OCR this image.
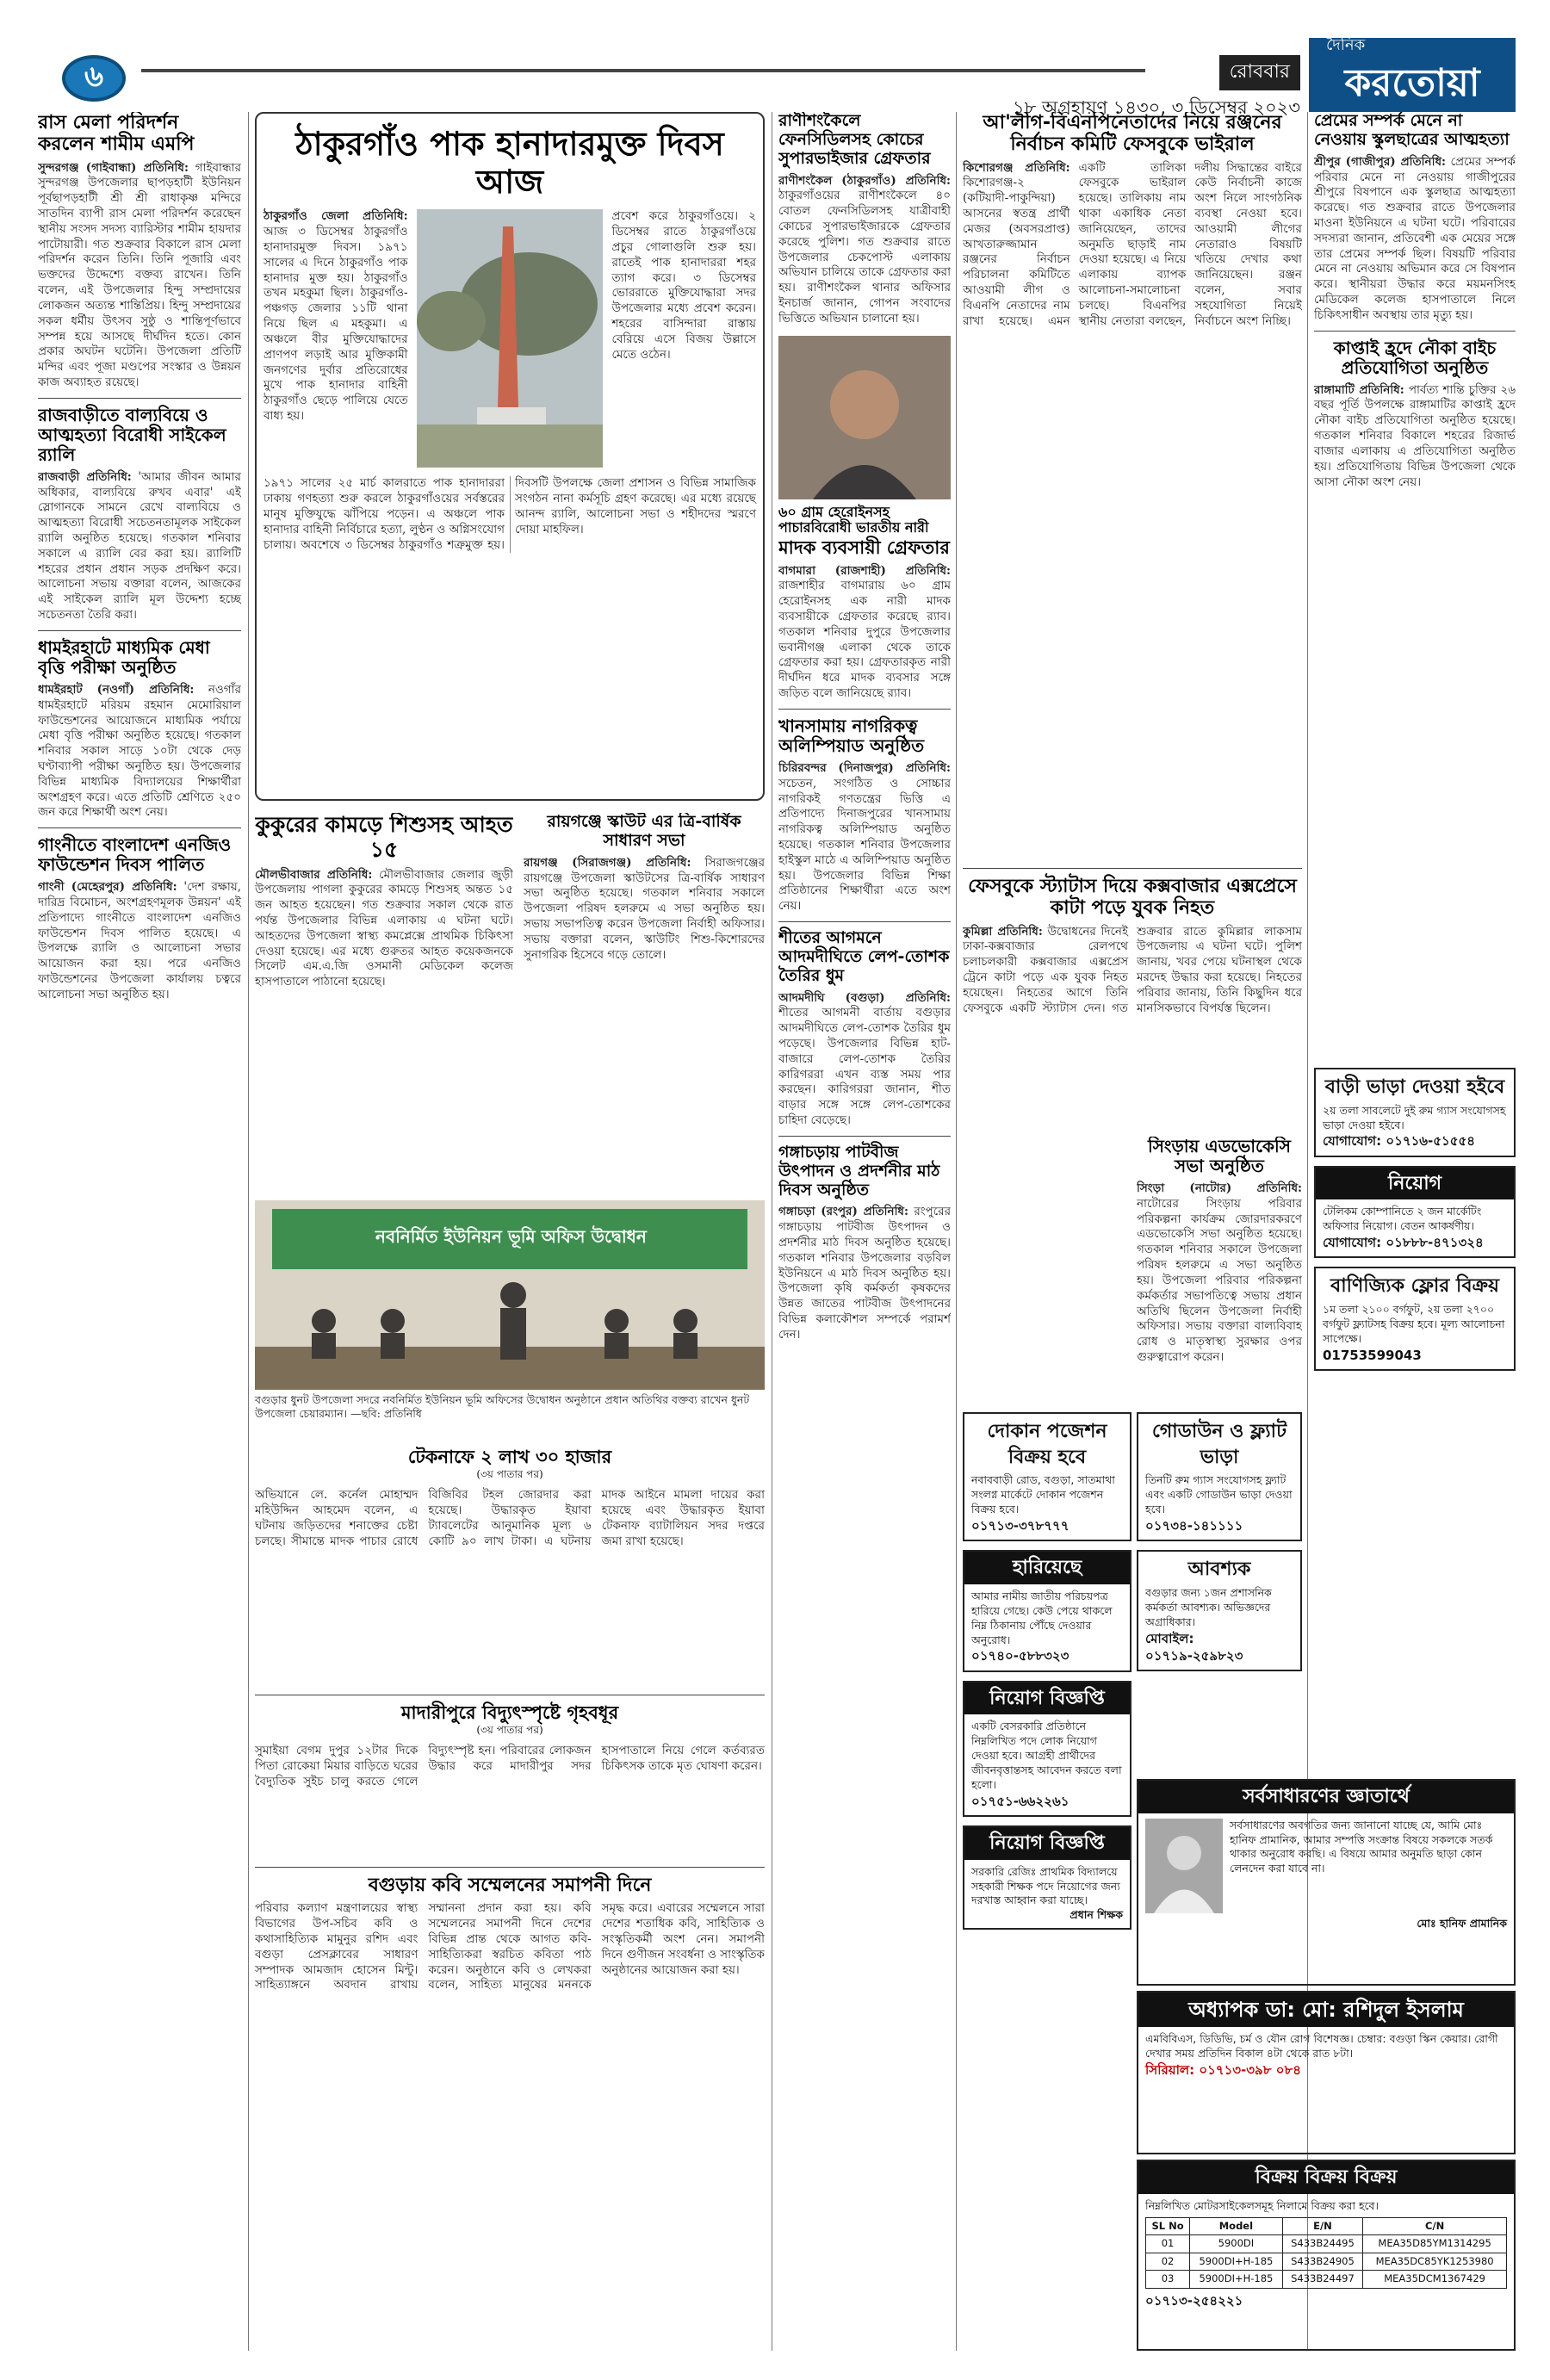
৬	রোববার
১৮ অগ্রহায়ণ ১৪৩০, ৩ ডিসেম্বর ২০২৩
দৈনিক
করতোয়া
রাস মেলা পরিদর্শন করলেন শামীম এমপি
সুন্দরগঞ্জ (গাইবান্ধা) প্রতিনিধি: গাইবান্ধার সুন্দরগঞ্জ উপজেলার ছাপড়হাটী ইউনিয়ন পূর্বছাপড়হাটী শ্রী শ্রী রাধাকৃষ্ণ মন্দিরে সাতদিন ব্যাপী রাস মেলা পরিদর্শন করেছেন স্থানীয় সংসদ সদস্য ব্যারিস্টার শামীম হায়দার পাটোয়ারী। গত শুক্রবার বিকালে রাস মেলা পরিদর্শন করেন তিনি। তিনি পূজারি এবং ভক্তদের উদ্দেশ্যে বক্তব্য রাখেন। তিনি বলেন, এই উপজেলার হিন্দু সম্প্রদায়ের লোকজন অত্যন্ত শান্তিপ্রিয়। হিন্দু সম্প্রদায়ের সকল ধর্মীয় উৎসব সুষ্ঠু ও শান্তিপূর্ণভাবে সম্পন্ন হয়ে আসছে দীর্ঘদিন হতে। কোন প্রকার অঘটন ঘটেনি। উপজেলা প্রতিটি মন্দির এবং পূজা মণ্ডপের সংস্কার ও উন্নয়ন কাজ অব্যাহত রয়েছে।
রাজবাড়ীতে বাল্যবিয়ে ও আত্মহত্যা বিরোধী সাইকেল র‌্যালি
রাজবাড়ী প্রতিনিধি: 'আমার জীবন আমার অধিকার, বাল্যবিয়ে রুখব এবার' এই স্লোগানকে সামনে রেখে বাল্যবিয়ে ও আত্মহত্যা বিরোধী সচেতনতামূলক সাইকেল র‌্যালি অনুষ্ঠিত হয়েছে। গতকাল শনিবার সকালে এ র‌্যালি বের করা হয়। র‌্যালিটি শহরের প্রধান প্রধান সড়ক প্রদক্ষিণ করে। আলোচনা সভায় বক্তারা বলেন, আজকের এই সাইকেল র‌্যালি মূল উদ্দেশ্য হচ্ছে সচেতনতা তৈরি করা।
ধামইরহাটে মাধ্যমিক মেধা বৃত্তি পরীক্ষা অনুষ্ঠিত
ধামইরহাট (নওগাঁ) প্রতিনিধি: নওগাঁর ধামইরহাটে মরিয়ম রহমান মেমোরিয়াল ফাউন্ডেশনের আয়োজনে মাধ্যমিক পর্যায়ে মেধা বৃত্তি পরীক্ষা অনুষ্ঠিত হয়েছে। গতকাল শনিবার সকাল সাড়ে ১০টা থেকে দেড় ঘণ্টাব্যাপী পরীক্ষা অনুষ্ঠিত হয়। উপজেলার বিভিন্ন মাধ্যমিক বিদ্যালয়ের শিক্ষার্থীরা অংশগ্রহণ করে। এতে প্রতিটি শ্রেণিতে ২৫০ জন করে শিক্ষার্থী অংশ নেয়।
গাংনীতে বাংলাদেশ এনজিও ফাউন্ডেশন দিবস পালিত
গাংনী (মেহেরপুর) প্রতিনিধি: 'দেশ রক্ষায়, দারিদ্র বিমোচন, অংশগ্রহণমূলক উন্নয়ন' এই প্রতিপাদ্যে গাংনীতে বাংলাদেশ এনজিও ফাউন্ডেশন দিবস পালিত হয়েছে। এ উপলক্ষে র‌্যালি ও আলোচনা সভার আয়োজন করা হয়। পরে এনজিও ফাউন্ডেশনের উপজেলা কার্যালয় চত্বরে আলোচনা সভা অনুষ্ঠিত হয়।
ঠাকুরগাঁও পাক হানাদারমুক্ত দিবস আজ
ঠাকুরগাঁও জেলা প্রতিনিধি: আজ ৩ ডিসেম্বর ঠাকুরগাঁও হানাদারমুক্ত দিবস। ১৯৭১ সালের এ দিনে ঠাকুরগাঁও পাক হানাদার মুক্ত হয়। ঠাকুরগাঁও তখন মহকুমা ছিল। ঠাকুরগাঁও-পঞ্চগড় জেলার ১১টি থানা নিয়ে ছিল এ মহকুমা। এ অঞ্চলে বীর মুক্তিযোদ্ধাদের প্রাণপণ লড়াই আর মুক্তিকামী জনগণের দুর্বার প্রতিরোধের মুখে পাক হানাদার বাহিনী ঠাকুরগাঁও ছেড়ে পালিয়ে যেতে বাধ্য হয়।
প্রবেশ করে ঠাকুরগাঁওয়ে। ২ ডিসেম্বর রাতে ঠাকুরগাঁওয়ে প্রচুর গোলাগুলি শুরু হয়। রাতেই পাক হানাদাররা শহর ত্যাগ করে। ৩ ডিসেম্বর ভোররাতে মুক্তিযোদ্ধারা সদর উপজেলার মধ্যে প্রবেশ করেন। শহরের বাসিন্দারা রাস্তায় বেরিয়ে এসে বিজয় উল্লাসে মেতে ওঠেন।
১৯৭১ সালের ২৫ মার্চ কালরাতে পাক হানাদাররা ঢাকায় গণহত্যা শুরু করলে ঠাকুরগাঁওয়ের সর্বস্তরের মানুষ মুক্তিযুদ্ধে ঝাঁপিয়ে পড়েন। এ অঞ্চলে পাক হানাদার বাহিনী নির্বিচারে হত্যা, লুণ্ঠন ও অগ্নিসংযোগ চালায়। অবশেষে ৩ ডিসেম্বর ঠাকুরগাঁও শত্রুমুক্ত হয়। দিবসটি উপলক্ষে জেলা প্রশাসন ও বিভিন্ন সামাজিক সংগঠন নানা কর্মসূচি গ্রহণ করেছে। এর মধ্যে রয়েছে আনন্দ র‌্যালি, আলোচনা সভা ও শহীদদের স্মরণে দোয়া মাহফিল।
কুকুরের কামড়ে শিশুসহ আহত ১৫
মৌলভীবাজার প্রতিনিধি: মৌলভীবাজার জেলার জুড়ী উপজেলায় পাগলা কুকুরের কামড়ে শিশুসহ অন্তত ১৫ জন আহত হয়েছেন। গত শুক্রবার সকাল থেকে রাত পর্যন্ত উপজেলার বিভিন্ন এলাকায় এ ঘটনা ঘটে। আহতদের উপজেলা স্বাস্থ্য কমপ্লেক্সে প্রাথমিক চিকিৎসা দেওয়া হয়েছে। এর মধ্যে গুরুতর আহত কয়েকজনকে সিলেট এম.এ.জি ওসমানী মেডিকেল কলেজ হাসপাতালে পাঠানো হয়েছে।
রায়গঞ্জে স্কাউট এর ত্রি-বার্ষিক সাধারণ সভা
রায়গঞ্জ (সিরাজগঞ্জ) প্রতিনিধি: সিরাজগঞ্জের রায়গঞ্জে উপজেলা স্কাউটসের ত্রি-বার্ষিক সাধারণ সভা অনুষ্ঠিত হয়েছে। গতকাল শনিবার সকালে উপজেলা পরিষদ হলরুমে এ সভা অনুষ্ঠিত হয়। সভায় সভাপতিত্ব করেন উপজেলা নির্বাহী অফিসার। সভায় বক্তারা বলেন, স্কাউটিং শিশু-কিশোরদের সুনাগরিক হিসেবে গড়ে তোলে।
নবনির্মিত ইউনিয়ন ভূমি অফিস উদ্বোধন
বগুড়ার ধুনট উপজেলা সদরে নবনির্মিত ইউনিয়ন ভূমি অফিসের উদ্বোধন অনুষ্ঠানে প্রধান অতিথির বক্তব্য রাখেন ধুনট উপজেলা চেয়ারম্যান। —ছবি: প্রতিনিধি
টেকনাফে ২ লাখ ৩০ হাজার
(৩য় পাতার পর)
অভিযানে লে. কর্নেল মোহাম্মদ মহিউদ্দিন আহমেদ বলেন, এ ঘটনায় জড়িতদের শনাক্তের চেষ্টা চলছে। সীমান্তে মাদক পাচার রোধে বিজিবির টহল জোরদার করা হয়েছে। উদ্ধারকৃত ইয়াবা ট্যাবলেটের আনুমানিক মূল্য ৬ কোটি ৯০ লাখ টাকা। এ ঘটনায় মাদক আইনে মামলা দায়ের করা হয়েছে এবং উদ্ধারকৃত ইয়াবা টেকনাফ ব্যাটালিয়ন সদর দপ্তরে জমা রাখা হয়েছে।
মাদারীপুরে বিদ্যুৎস্পৃষ্টে গৃহবধূর
(৩য় পাতার পর)
সুমাইয়া বেগম দুপুর ১২টার দিকে পিতা রোকেয়া মিয়ার বাড়িতে ঘরের বৈদ্যুতিক সুইচ চালু করতে গেলে বিদ্যুৎস্পৃষ্ট হন। পরিবারের লোকজন উদ্ধার করে মাদারীপুর সদর হাসপাতালে নিয়ে গেলে কর্তব্যরত চিকিৎসক তাকে মৃত ঘোষণা করেন।
বগুড়ায় কবি সম্মেলনের সমাপনী দিনে
পরিবার কল্যাণ মন্ত্রণালয়ের স্বাস্থ্য বিভাগের উপ-সচিব কবি ও কথাসাহিত্যিক মামুনুর রশিদ এবং বগুড়া প্রেসক্লাবের সাধারণ সম্পাদক আমজাদ হোসেন মিন্টু। সাহিত্যাঙ্গনে অবদান রাখায় সম্মাননা প্রদান করা হয়। কবি সম্মেলনের সমাপনী দিনে দেশের বিভিন্ন প্রান্ত থেকে আগত কবি-সাহিত্যিকরা স্বরচিত কবিতা পাঠ করেন। অনুষ্ঠানে কবি ও লেখকরা বলেন, সাহিত্য মানুষের মননকে সমৃদ্ধ করে। এবারের সম্মেলনে সারা দেশের শতাধিক কবি, সাহিত্যিক ও সংস্কৃতিকর্মী অংশ নেন। সমাপনী দিনে গুণীজন সংবর্ধনা ও সাংস্কৃতিক অনুষ্ঠানের আয়োজন করা হয়।
রাণীশংকৈলে ফেনসিডিলসহ কোচের সুপারভাইজার গ্রেফতার
রাণীশংকৈল (ঠাকুরগাঁও) প্রতিনিধি: ঠাকুরগাঁওয়ের রাণীশংকৈলে ৪০ বোতল ফেনসিডিলসহ যাত্রীবাহী কোচের সুপারভাইজারকে গ্রেফতার করেছে পুলিশ। গত শুক্রবার রাতে উপজেলার চেকপোস্ট এলাকায় অভিযান চালিয়ে তাকে গ্রেফতার করা হয়। রাণীশংকৈল থানার অফিসার ইনচার্জ জানান, গোপন সংবাদের ভিত্তিতে অভিযান চালানো হয়।
৬০ গ্রাম হেরোইনসহ পাচারবিরোধী ভারতীয় নারী
মাদক ব্যবসায়ী গ্রেফতার
বাগমারা (রাজশাহী) প্রতিনিধি: রাজশাহীর বাগমারায় ৬০ গ্রাম হেরোইনসহ এক নারী মাদক ব্যবসায়ীকে গ্রেফতার করেছে র‌্যাব। গতকাল শনিবার দুপুরে উপজেলার ভবানীগঞ্জ এলাকা থেকে তাকে গ্রেফতার করা হয়। গ্রেফতারকৃত নারী দীর্ঘদিন ধরে মাদক ব্যবসার সঙ্গে জড়িত বলে জানিয়েছে র‌্যাব।
খানসামায় নাগরিকত্ব অলিম্পিয়াড অনুষ্ঠিত
চিরিরবন্দর (দিনাজপুর) প্রতিনিধি: সচেতন, সংগঠিত ও সোচ্চার নাগরিকই গণতন্ত্রের ভিত্তি এ প্রতিপাদ্যে দিনাজপুরের খানসামায় নাগরিকত্ব অলিম্পিয়াড অনুষ্ঠিত হয়েছে। গতকাল শনিবার উপজেলার হাইস্কুল মাঠে এ অলিম্পিয়াড অনুষ্ঠিত হয়। উপজেলার বিভিন্ন শিক্ষা প্রতিষ্ঠানের শিক্ষার্থীরা এতে অংশ নেয়।
শীতের আগমনে আদমদীঘিতে লেপ-তোশক তৈরির ধুম
আদমদীঘি (বগুড়া) প্রতিনিধি: শীতের আগমনী বার্তায় বগুড়ার আদমদীঘিতে লেপ-তোশক তৈরির ধুম পড়েছে। উপজেলার বিভিন্ন হাট-বাজারে লেপ-তোশক তৈরির কারিগররা এখন ব্যস্ত সময় পার করছেন। কারিগররা জানান, শীত বাড়ার সঙ্গে সঙ্গে লেপ-তোশকের চাহিদা বেড়েছে।
গঙ্গাচড়ায় পাটবীজ উৎপাদন ও প্রদর্শনীর মাঠ দিবস অনুষ্ঠিত
গঙ্গাচড়া (রংপুর) প্রতিনিধি: রংপুরের গঙ্গাচড়ায় পাটবীজ উৎপাদন ও প্রদর্শনীর মাঠ দিবস অনুষ্ঠিত হয়েছে। গতকাল শনিবার উপজেলার বড়বিল ইউনিয়নে এ মাঠ দিবস অনুষ্ঠিত হয়। উপজেলা কৃষি কর্মকর্তা কৃষকদের উন্নত জাতের পাটবীজ উৎপাদনের বিভিন্ন কলাকৌশল সম্পর্কে পরামর্শ দেন।
আ'লীগ-বিএনপিনেতাদের নিয়ে রঞ্জনের নির্বাচন কমিটি ফেসবুকে ভাইরাল
কিশোরগঞ্জ প্রতিনিধি: কিশোরগঞ্জ-২ (কটিয়াদী-পাকুন্দিয়া) আসনের স্বতন্ত্র প্রার্থী মেজর (অবসরপ্রাপ্ত) আখতারুজ্জামান রঞ্জনের নির্বাচন পরিচালনা কমিটিতে আওয়ামী লীগ ও বিএনপি নেতাদের নাম রাখা হয়েছে। এমন একটি তালিকা ফেসবুকে ভাইরাল হয়েছে। তালিকায় নাম থাকা একাধিক নেতা জানিয়েছেন, তাদের অনুমতি ছাড়াই নাম দেওয়া হয়েছে। এ নিয়ে এলাকায় ব্যাপক আলোচনা-সমালোচনা চলছে। বিএনপির স্থানীয় নেতারা বলছেন, দলীয় সিদ্ধান্তের বাইরে কেউ নির্বাচনী কাজে অংশ নিলে সাংগঠনিক ব্যবস্থা নেওয়া হবে। আওয়ামী লীগের নেতারাও বিষয়টি খতিয়ে দেখার কথা জানিয়েছেন। রঞ্জন বলেন, সবার সহযোগিতা নিয়েই নির্বাচনে অংশ নিচ্ছি।
ফেসবুকে স্ট্যাটাস দিয়ে কক্সবাজার এক্সপ্রেসে কাটা পড়ে যুবক নিহত
কুমিল্লা প্রতিনিধি: উদ্বোধনের দিনেই ঢাকা-কক্সবাজার রেলপথে চলাচলকারী কক্সবাজার এক্সপ্রেস ট্রেনে কাটা পড়ে এক যুবক নিহত হয়েছেন। নিহতের আগে তিনি ফেসবুকে একটি স্ট্যাটাস দেন। গত শুক্রবার রাতে কুমিল্লার লাকসাম উপজেলায় এ ঘটনা ঘটে। পুলিশ জানায়, খবর পেয়ে ঘটনাস্থল থেকে মরদেহ উদ্ধার করা হয়েছে। নিহতের পরিবার জানায়, তিনি কিছুদিন ধরে মানসিকভাবে বিপর্যস্ত ছিলেন।
সিংড়ায় এডভোকেসি সভা অনুষ্ঠিত
সিংড়া (নাটোর) প্রতিনিধি: নাটোরের সিংড়ায় পরিবার পরিকল্পনা কার্যক্রম জোরদারকরণে এডভোকেসি সভা অনুষ্ঠিত হয়েছে। গতকাল শনিবার সকালে উপজেলা পরিষদ হলরুমে এ সভা অনুষ্ঠিত হয়। উপজেলা পরিবার পরিকল্পনা কর্মকর্তার সভাপতিত্বে সভায় প্রধান অতিথি ছিলেন উপজেলা নির্বাহী অফিসার। সভায় বক্তারা বাল্যবিবাহ রোধ ও মাতৃস্বাস্থ্য সুরক্ষার ওপর গুরুত্বারোপ করেন।
দোকান পজেশন বিক্রয় হবে
নবাববাড়ী রোড, বগুড়া, সাতমাথা সংলগ্ন মার্কেটে দোকান পজেশন বিক্রয় হবে।
০১৭১৩-৩৭৮৭৭৭
হারিয়েছে
আমার নামীয় জাতীয় পরিচয়পত্র হারিয়ে গেছে। কেউ পেয়ে থাকলে নিম্ন ঠিকানায় পৌঁছে দেওয়ার অনুরোধ।
০১৭৪০-৫৮৮৩২৩
নিয়োগ বিজ্ঞপ্তি
একটি বেসরকারি প্রতিষ্ঠানে নিম্নলিখিত পদে লোক নিয়োগ দেওয়া হবে। আগ্রহী প্রার্থীদের জীবনবৃত্তান্তসহ আবেদন করতে বলা হলো।
০১৭৫১-৬৬২২৬১
নিয়োগ বিজ্ঞপ্তি
সরকারি রেজিঃ প্রাথমিক বিদ্যালয়ে সহকারী শিক্ষক পদে নিয়োগের জন্য দরখাস্ত আহ্বান করা যাচ্ছে।
প্রধান শিক্ষক
গোডাউন ও ফ্ল্যাট ভাড়া
তিনটি রুম গ্যাস সংযোগসহ ফ্ল্যাট এবং একটি গোডাউন ভাড়া দেওয়া হবে।
০১৭৩৪-১৪১১১১
আবশ্যক
বগুড়ার জন্য ১জন প্রশাসনিক কর্মকর্তা আবশ্যক। অভিজ্ঞদের অগ্রাধিকার।
মোবাইল: ০১৭১৯-২৫৯৮২৩
প্রেমের সম্পর্ক মেনে না নেওয়ায় স্কুলছাত্রের আত্মহত্যা
শ্রীপুর (গাজীপুর) প্রতিনিধি: প্রেমের সম্পর্ক পরিবার মেনে না নেওয়ায় গাজীপুরের শ্রীপুরে বিষপানে এক স্কুলছাত্র আত্মহত্যা করেছে। গত শুক্রবার রাতে উপজেলার মাওনা ইউনিয়নে এ ঘটনা ঘটে। পরিবারের সদস্যরা জানান, প্রতিবেশী এক মেয়ের সঙ্গে তার প্রেমের সম্পর্ক ছিল। বিষয়টি পরিবার মেনে না নেওয়ায় অভিমান করে সে বিষপান করে। স্থানীয়রা উদ্ধার করে ময়মনসিংহ মেডিকেল কলেজ হাসপাতালে নিলে চিকিৎসাধীন অবস্থায় তার মৃত্যু হয়।
কাপ্তাই হ্রদে নৌকা বাইচ প্রতিযোগিতা অনুষ্ঠিত
রাঙ্গামাটি প্রতিনিধি: পার্বত্য শান্তি চুক্তির ২৬ বছর পূর্তি উপলক্ষে রাঙ্গামাটির কাপ্তাই হ্রদে নৌকা বাইচ প্রতিযোগিতা অনুষ্ঠিত হয়েছে। গতকাল শনিবার বিকালে শহরের রিজার্ভ বাজার এলাকায় এ প্রতিযোগিতা অনুষ্ঠিত হয়। প্রতিযোগিতায় বিভিন্ন উপজেলা থেকে আসা নৌকা অংশ নেয়।
বাড়ী ভাড়া দেওয়া হইবে
২য় তলা সাবলেটে দুই রুম গ্যাস সংযোগসহ ভাড়া দেওয়া হইবে।
যোগাযোগ: ০১৭১৬-৫১৫৫৪
নিয়োগ
টেলিকম কোম্পানিতে ২ জন মার্কেটিং অফিসার নিয়োগ। বেতন আকর্ষণীয়।
যোগাযোগ: ০১৮৮৮-৪৭১৩২৪
বাণিজ্যিক ফ্লোর বিক্রয়
১ম তলা ২১০০ বর্গফুট, ২য় তলা ২৭০০ বর্গফুট ফ্ল্যাটসহ বিক্রয় হবে। মূল্য আলোচনা সাপেক্ষে।
01753599043
সর্বসাধারণের জ্ঞাতার্থে
সর্বসাধারণের অবগতির জন্য জানানো যাচ্ছে যে, আমি মোঃ হানিফ প্রামানিক, আমার সম্পত্তি সংক্রান্ত বিষয়ে সকলকে সতর্ক থাকার অনুরোধ করছি। এ বিষয়ে আমার অনুমতি ছাড়া কোন লেনদেন করা যাবে না।
মোঃ হানিফ প্রামানিক
অধ্যাপক ডা: মো: রশিদুল ইসলাম
এমবিবিএস, ডিডিভি, চর্ম ও যৌন রোগ বিশেষজ্ঞ। চেম্বার: বগুড়া স্কিন কেয়ার। রোগী দেখার সময় প্রতিদিন বিকাল ৪টা থেকে রাত ৮টা।
সিরিয়াল: ০১৭১৩-৩৯৮ ০৮৪
বিক্রয় বিক্রয় বিক্রয়
নিম্নলিখিত মোটরসাইকেলসমূহ নিলামে বিক্রয় করা হবে।
SL No	Model	E/N	C/N
01	5900DI	S433B24495	MEA35D85YM1314295
02	5900DI+H-185	S433B24905	MEA35DC85YK1253980
03	5900DI+H-185	S433B24497	MEA35DCM1367429
০১৭১৩-২৫৪২২১
